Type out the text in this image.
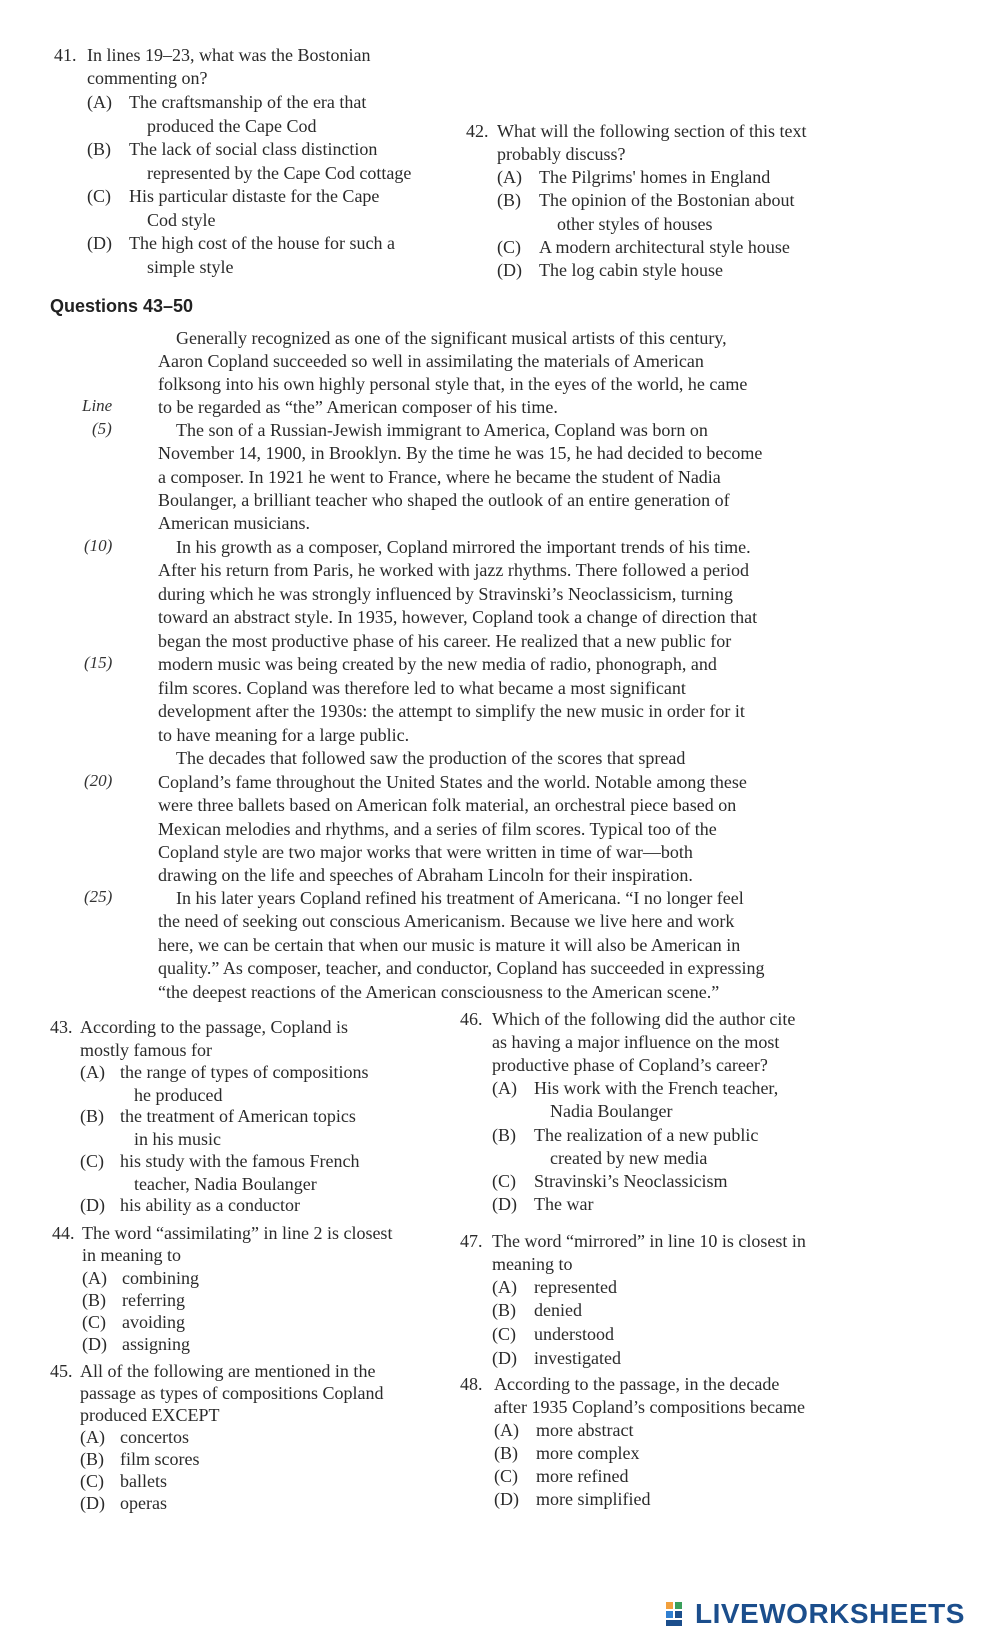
41. In lines 19–23, what was the Bostonian
commenting on?
(A) The craftsmanship of the era that
produced the Cape Cod
(B) The lack of social class distinction
represented by the Cape Cod cottage
(C) His particular distaste for the Cape
Cod style
(D) The high cost of the house for such a
simple style
42. What will the following section of this text
probably discuss?
(A) The Pilgrims' homes in England
(B) The opinion of the Bostonian about
other styles of houses
(C) A modern architectural style house
(D) The log cabin style house
Questions 43–50
Line
(5)
(10)
(15)
(20)
(25)
Generally recognized as one of the significant musical artists of this century,
Aaron Copland succeeded so well in assimilating the materials of American
folksong into his own highly personal style that, in the eyes of the world, he came
to be regarded as “the” American composer of his time.
The son of a Russian-Jewish immigrant to America, Copland was born on
November 14, 1900, in Brooklyn. By the time he was 15, he had decided to become
a composer. In 1921 he went to France, where he became the student of Nadia
Boulanger, a brilliant teacher who shaped the outlook of an entire generation of
American musicians.
In his growth as a composer, Copland mirrored the important trends of his time.
After his return from Paris, he worked with jazz rhythms. There followed a period
during which he was strongly influenced by Stravinski’s Neoclassicism, turning
toward an abstract style. In 1935, however, Copland took a change of direction that
began the most productive phase of his career. He realized that a new public for
modern music was being created by the new media of radio, phonograph, and
film scores. Copland was therefore led to what became a most significant
development after the 1930s: the attempt to simplify the new music in order for it
to have meaning for a large public.
The decades that followed saw the production of the scores that spread
Copland’s fame throughout the United States and the world. Notable among these
were three ballets based on American folk material, an orchestral piece based on
Mexican melodies and rhythms, and a series of film scores. Typical too of the
Copland style are two major works that were written in time of war—both
drawing on the life and speeches of Abraham Lincoln for their inspiration.
In his later years Copland refined his treatment of Americana. “I no longer feel
the need of seeking out conscious Americanism. Because we live here and work
here, we can be certain that when our music is mature it will also be American in
quality.” As composer, teacher, and conductor, Copland has succeeded in expressing
“the deepest reactions of the American consciousness to the American scene.”
43. According to the passage, Copland is
mostly famous for
(A) the range of types of compositions
he produced
(B) the treatment of American topics
in his music
(C) his study with the famous French
teacher, Nadia Boulanger
(D) his ability as a conductor
44. The word “assimilating” in line 2 is closest
in meaning to
(A) combining
(B) referring
(C) avoiding
(D) assigning
45. All of the following are mentioned in the
passage as types of compositions Copland
produced EXCEPT
(A) concertos
(B) film scores
(C) ballets
(D) operas
46. Which of the following did the author cite
as having a major influence on the most
productive phase of Copland’s career?
(A) His work with the French teacher,
Nadia Boulanger
(B) The realization of a new public
created by new media
(C) Stravinski’s Neoclassicism
(D) The war
47. The word “mirrored” in line 10 is closest in
meaning to
(A) represented
(B) denied
(C) understood
(D) investigated
48. According to the passage, in the decade
after 1935 Copland’s compositions became
(A) more abstract
(B) more complex
(C) more refined
(D) more simplified
LIVEWORKSHEETS
